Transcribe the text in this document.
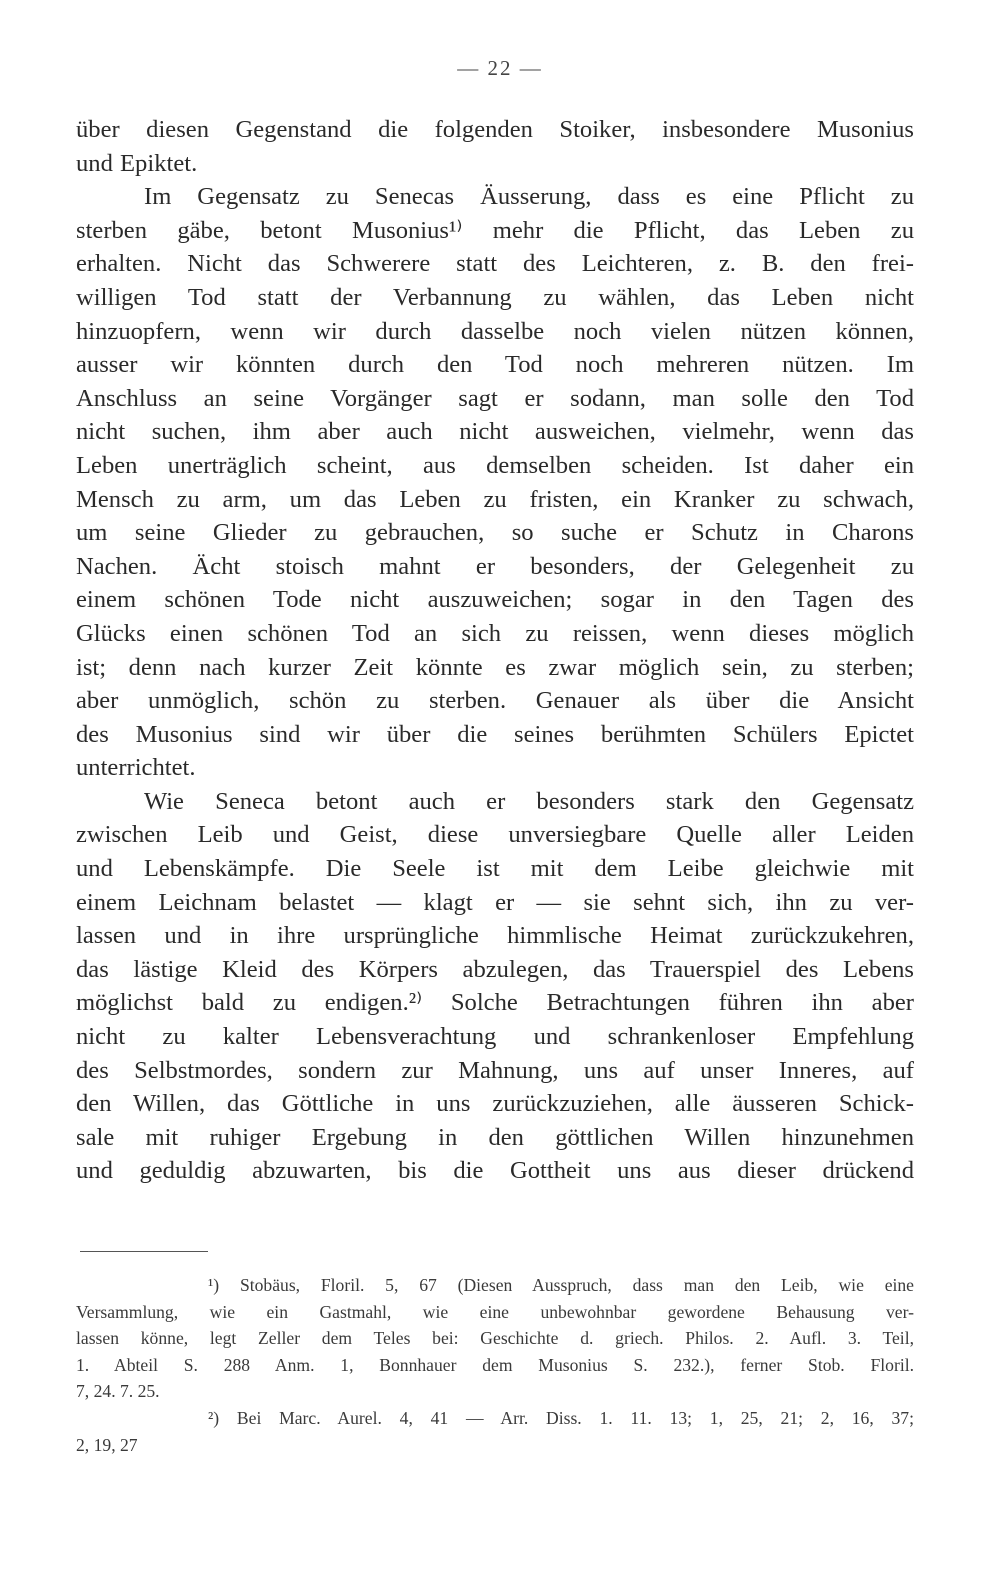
— 22 —
über diesen Gegenstand die folgenden Stoiker, insbesondere Musonius
und Epiktet.
Im Gegensatz zu Senecas Äusserung, dass es eine Pflicht zu
sterben gäbe, betont Musonius¹⁾ mehr die Pflicht, das Leben zu
erhalten. Nicht das Schwerere statt des Leichteren, z. B. den frei-
willigen Tod statt der Verbannung zu wählen, das Leben nicht
hinzuopfern, wenn wir durch dasselbe noch vielen nützen können,
ausser wir könnten durch den Tod noch mehreren nützen. Im
Anschluss an seine Vorgänger sagt er sodann, man solle den Tod
nicht suchen, ihm aber auch nicht ausweichen, vielmehr, wenn das
Leben unerträglich scheint, aus demselben scheiden. Ist daher ein
Mensch zu arm, um das Leben zu fristen, ein Kranker zu schwach,
um seine Glieder zu gebrauchen, so suche er Schutz in Charons
Nachen. Ächt stoisch mahnt er besonders, der Gelegenheit zu
einem schönen Tode nicht auszuweichen; sogar in den Tagen des
Glücks einen schönen Tod an sich zu reissen, wenn dieses möglich
ist; denn nach kurzer Zeit könnte es zwar möglich sein, zu sterben;
aber unmöglich, schön zu sterben. Genauer als über die Ansicht
des Musonius sind wir über die seines berühmten Schülers Epictet
unterrichtet.
Wie Seneca betont auch er besonders stark den Gegensatz
zwischen Leib und Geist, diese unversiegbare Quelle aller Leiden
und Lebenskämpfe. Die Seele ist mit dem Leibe gleichwie mit
einem Leichnam belastet — klagt er — sie sehnt sich, ihn zu ver-
lassen und in ihre ursprüngliche himmlische Heimat zurückzukehren,
das lästige Kleid des Körpers abzulegen, das Trauerspiel des Lebens
möglichst bald zu endigen.²⁾ Solche Betrachtungen führen ihn aber
nicht zu kalter Lebensverachtung und schrankenloser Empfehlung
des Selbstmordes, sondern zur Mahnung, uns auf unser Inneres, auf
den Willen, das Göttliche in uns zurückzuziehen, alle äusseren Schick-
sale mit ruhiger Ergebung in den göttlichen Willen hinzunehmen
und geduldig abzuwarten, bis die Gottheit uns aus dieser drückend
¹) Stobäus, Floril. 5, 67 (Diesen Ausspruch, dass man den Leib, wie eine
Versammlung, wie ein Gastmahl, wie eine unbewohnbar gewordene Behausung ver-
lassen könne, legt Zeller dem Teles bei: Geschichte d. griech. Philos. 2. Aufl. 3. Teil,
1. Abteil S. 288 Anm. 1, Bonnhauer dem Musonius S. 232.), ferner Stob. Floril.
7, 24. 7. 25.
²) Bei Marc. Aurel. 4, 41 — Arr. Diss. 1. 11. 13; 1, 25, 21; 2, 16, 37;
2, 19, 27
